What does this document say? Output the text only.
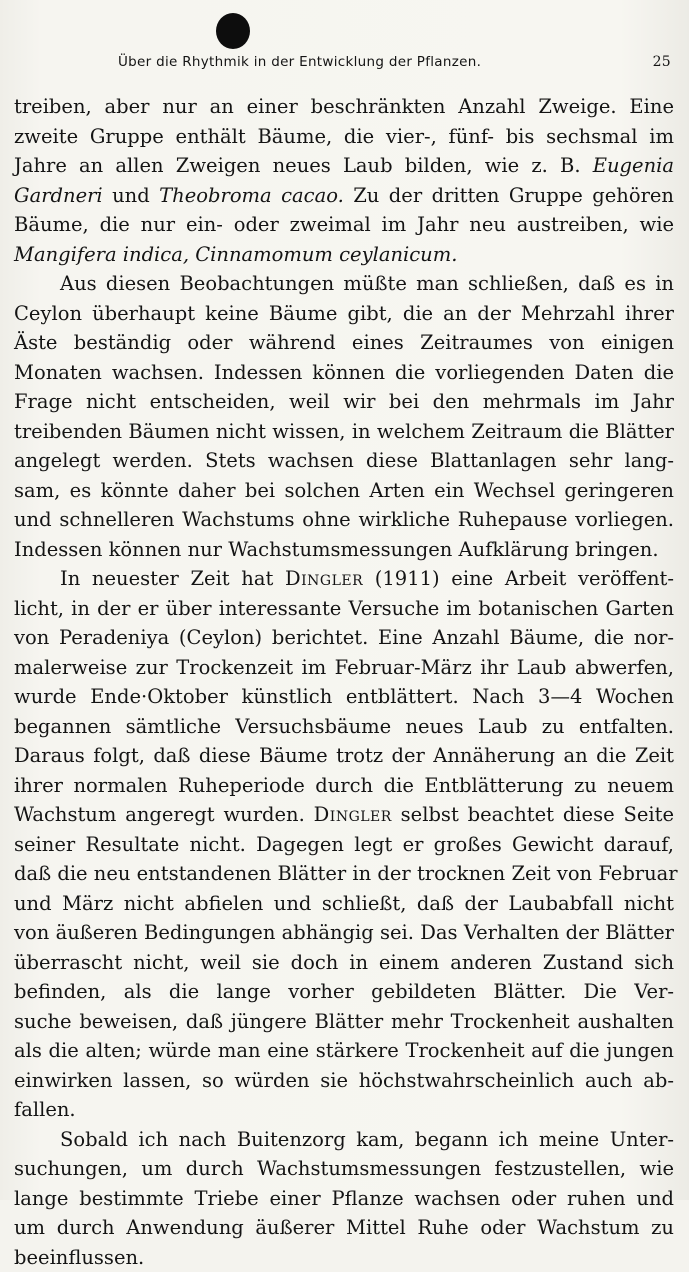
Über die Rhythmik in der Entwicklung der Pflanzen.	25
treiben, aber nur an einer beschränkten Anzahl Zweige. Eine
zweite Gruppe enthält Bäume, die vier-, fünf- bis sechsmal im
Jahre an allen Zweigen neues Laub bilden, wie z. B. Eugenia
Gardneri und Theobroma cacao. Zu der dritten Gruppe gehören
Bäume, die nur ein- oder zweimal im Jahr neu austreiben, wie
Mangifera indica, Cinnamomum ceylanicum.
Aus diesen Beobachtungen müßte man schließen, daß es in
Ceylon überhaupt keine Bäume gibt, die an der Mehrzahl ihrer
Äste beständig oder während eines Zeitraumes von einigen
Monaten wachsen. Indessen können die vorliegenden Daten die
Frage nicht entscheiden, weil wir bei den mehrmals im Jahr
treibenden Bäumen nicht wissen, in welchem Zeitraum die Blätter
angelegt werden. Stets wachsen diese Blattanlagen sehr lang-
sam, es könnte daher bei solchen Arten ein Wechsel geringeren
und schnelleren Wachstums ohne wirkliche Ruhepause vorliegen.
Indessen können nur Wachstumsmessungen Aufklärung bringen.
In neuester Zeit hat Dingler (1911) eine Arbeit veröffent-
licht, in der er über interessante Versuche im botanischen Garten
von Peradeniya (Ceylon) berichtet. Eine Anzahl Bäume, die nor-
malerweise zur Trockenzeit im Februar-März ihr Laub abwerfen,
wurde Ende·Oktober künstlich entblättert. Nach 3—4 Wochen
begannen sämtliche Versuchsbäume neues Laub zu entfalten.
Daraus folgt, daß diese Bäume trotz der Annäherung an die Zeit
ihrer normalen Ruheperiode durch die Entblätterung zu neuem
Wachstum angeregt wurden. Dingler selbst beachtet diese Seite
seiner Resultate nicht. Dagegen legt er großes Gewicht darauf,
daß die neu entstandenen Blätter in der trocknen Zeit von Februar
und März nicht abfielen und schließt, daß der Laubabfall nicht
von äußeren Bedingungen abhängig sei. Das Verhalten der Blätter
überrascht nicht, weil sie doch in einem anderen Zustand sich
befinden, als die lange vorher gebildeten Blätter. Die Ver-
suche beweisen, daß jüngere Blätter mehr Trockenheit aushalten
als die alten; würde man eine stärkere Trockenheit auf die jungen
einwirken lassen, so würden sie höchstwahrscheinlich auch ab-
fallen.
Sobald ich nach Buitenzorg kam, begann ich meine Unter-
suchungen, um durch Wachstumsmessungen festzustellen, wie
lange bestimmte Triebe einer Pflanze wachsen oder ruhen und
um durch Anwendung äußerer Mittel Ruhe oder Wachstum zu
beeinflussen.
